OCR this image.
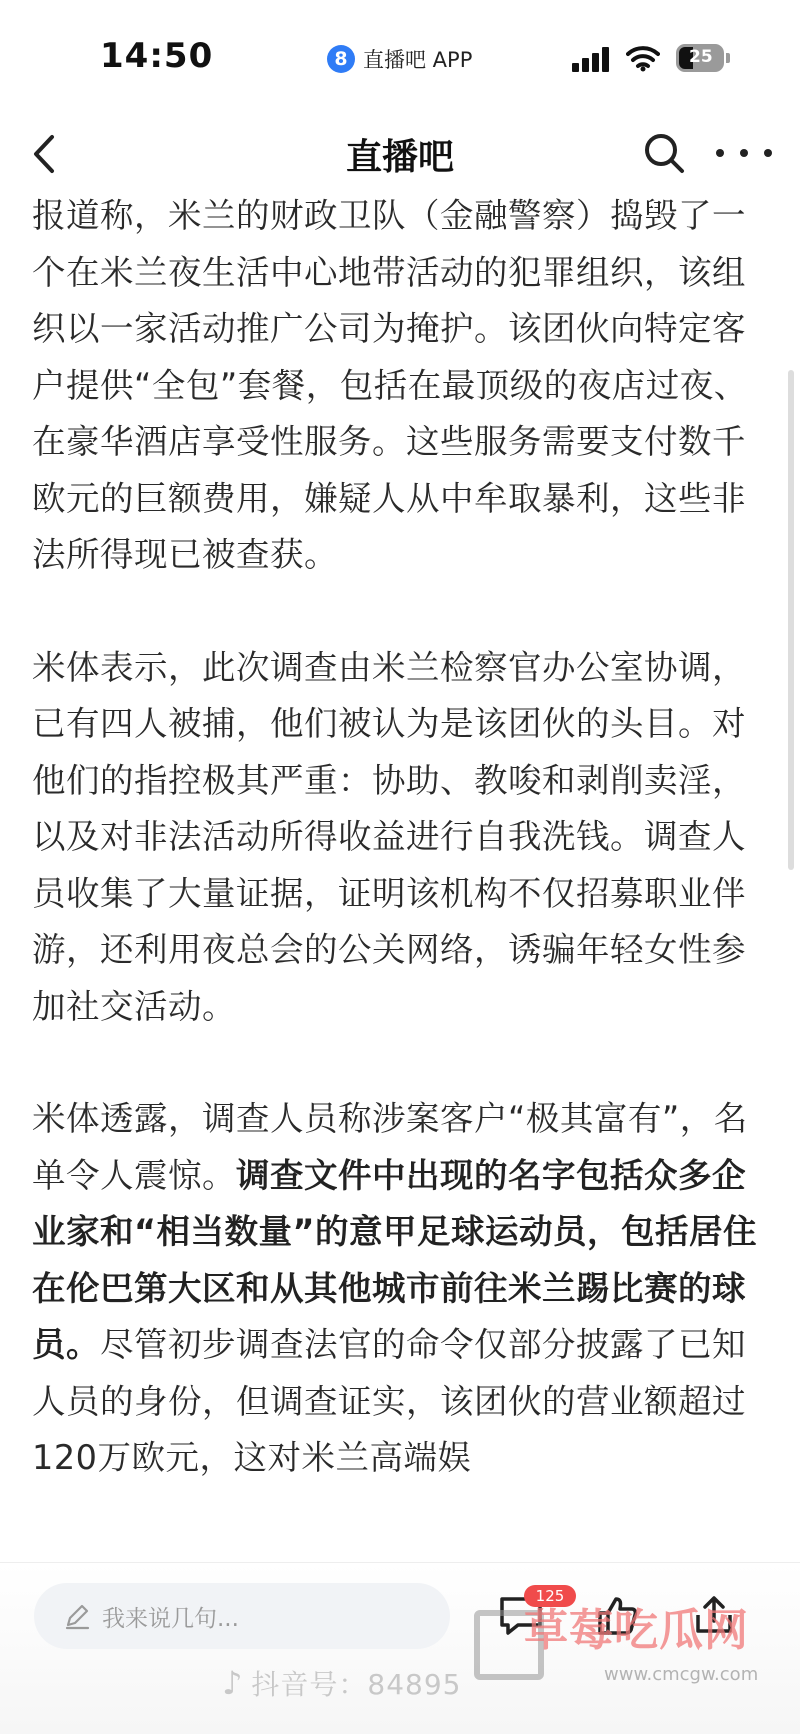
14:50	8 直播吧 APP	25
直播吧

报道称，米兰的财政卫队（金融警察）捣毁了一个在米兰夜生活中心地带活动的犯罪组织，该组织以一家活动推广公司为掩护。该团伙向特定客户提供“全包”套餐，包括在最顶级的夜店过夜、在豪华酒店享受性服务。这些服务需要支付数千欧元的巨额费用，嫌疑人从中牟取暴利，这些非法所得现已被查获。

米体表示，此次调查由米兰检察官办公室协调，已有四人被捕，他们被认为是该团伙的头目。对他们的指控极其严重：协助、教唆和剥削卖淫，以及对非法活动所得收益进行自我洗钱。调查人员收集了大量证据，证明该机构不仅招募职业伴游，还利用夜总会的公关网络，诱骗年轻女性参加社交活动。

米体透露，调查人员称涉案客户“极其富有”，名单令人震惊。调查文件中出现的名字包括众多企业家和“相当数量”的意甲足球运动员，包括居住在伦巴第大区和从其他城市前往米兰踢比赛的球员。尽管初步调查法官的命令仅部分披露了已知人员的身份，但调查证实，该团伙的营业额超过120万欧元，这对米兰高端娱

我来说几句...
125
♪ 抖音号：84895
草莓吃瓜网
www.cmcgw.com
